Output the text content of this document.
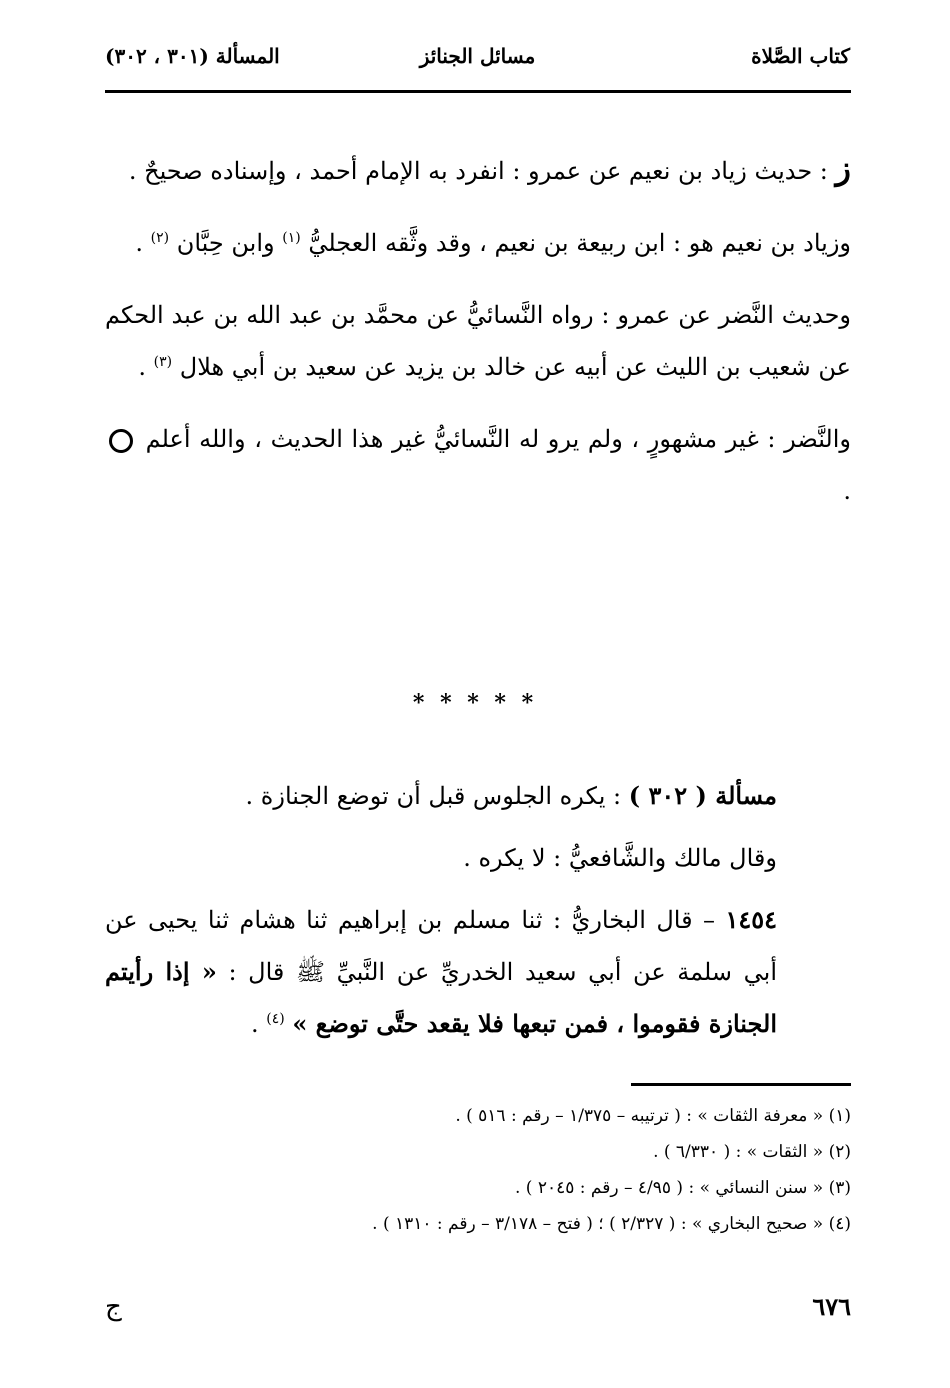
كتاب الصَّلاة
مسائل الجنائز
المسألة (٣٠١ ، ٣٠٢)

ز : حديث زياد بن نعيم عن عمرو : انفرد به الإمام أحمد ، وإسناده صحيحٌ .

وزياد بن نعيم هو : ابن ربيعة بن نعيم ، وقد وثَّقه العجليُّ $^{(١)}$ وابن حِبَّان $^{(٢)}$ .

وحديث النَّضر عن عمرو : رواه النَّسائيُّ عن محمَّد بن عبد الله بن عبد الحكم عن شعيب بن الليث عن أبيه عن خالد بن يزيد عن سعيد بن أبي هلال $^{(٣)}$ .

والنَّضر : غير مشهورٍ ، ولم يرو له النَّسائيُّ غير هذا الحديث ، والله أعلم  .

* * * * *

مسألة ( ٣٠٢ ) : يكره الجلوس قبل أن توضع الجنازة .

وقال مالك والشَّافعيُّ : لا يكره .

١٤٥٤ – قال البخاريُّ : ثنا مسلم بن إبراهيم ثنا هشام ثنا يحيى عن أبي سلمة عن أبي سعيد الخدريِّ عن النَّبيِّ ﷺ قال : « إذا رأيتم الجنازة فقوموا ، فمن تبعها فلا يقعد حتَّى توضع » $^{(٤)}$ .

(١) « معرفة الثقات » : ( ترتيبه – ١/٣٧٥ – رقم : ٥١٦ ) .

(٢) « الثقات » : ( ٦/٣٣٠ ) .

(٣) « سنن النسائي » : ( ٤/٩٥ – رقم : ٢٠٤٥ ) .

(٤) « صحيح البخاري » : ( ٢/٣٢٧ ) ؛ ( فتح – ٣/١٧٨ – رقم : ١٣١٠ ) .

٦٧٦
ج
